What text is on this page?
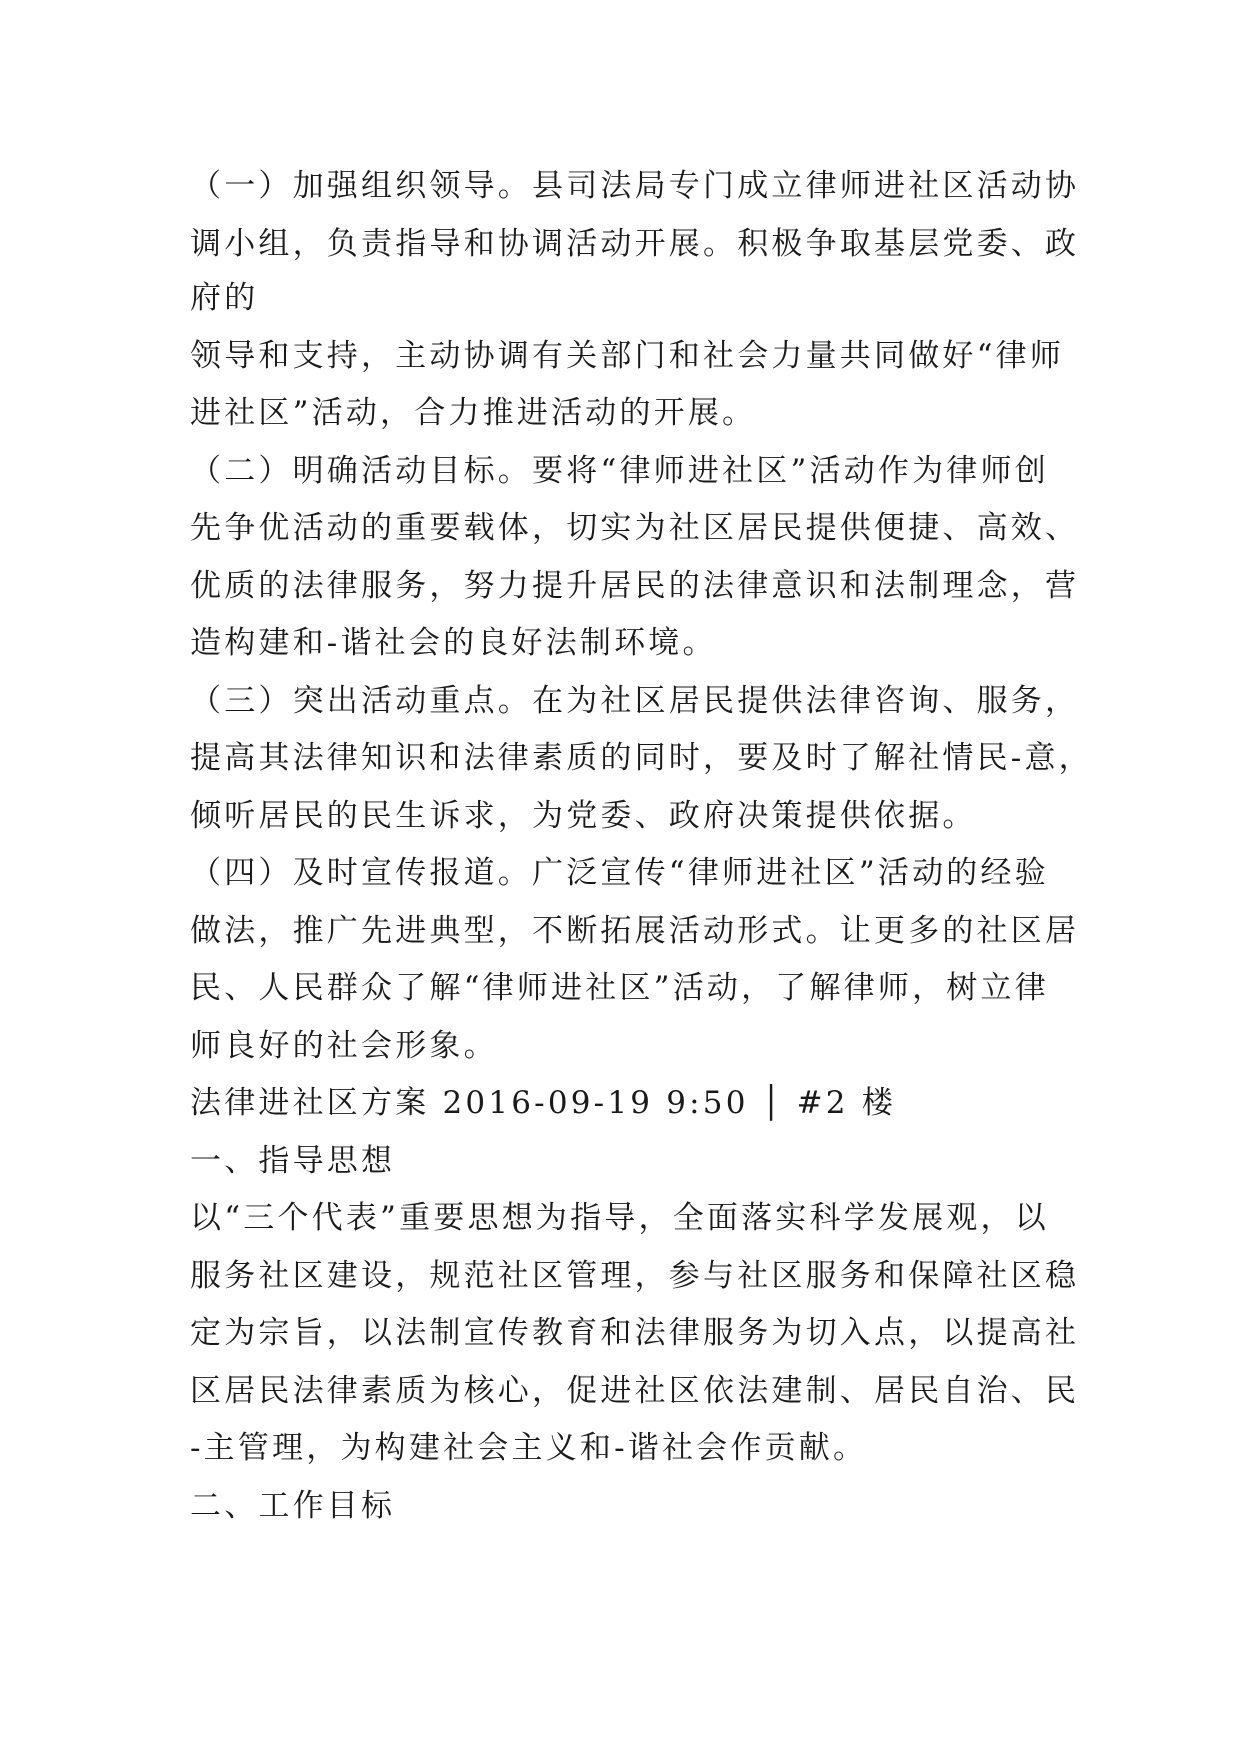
（一）加强组织领导。县司法局专门成立律师进社区活动协
调小组，负责指导和协调活动开展。积极争取基层党委、政
府的
领导和支持，主动协调有关部门和社会力量共同做好“律师
进社区”活动，合力推进活动的开展。
（二）明确活动目标。要将“律师进社区”活动作为律师创
先争优活动的重要载体，切实为社区居民提供便捷、高效、
优质的法律服务，努力提升居民的法律意识和法制理念，营
造构建和-谐社会的良好法制环境。
（三）突出活动重点。在为社区居民提供法律咨询、服务，
提高其法律知识和法律素质的同时，要及时了解社情民-意，
倾听居民的民生诉求，为党委、政府决策提供依据。
（四）及时宣传报道。广泛宣传“律师进社区”活动的经验
做法，推广先进典型，不断拓展活动形式。让更多的社区居
民、人民群众了解“律师进社区”活动，了解律师，树立律
师良好的社会形象。
法律进社区方案 2016-09-19 9:50 │ #2 楼
一、指导思想
以“三个代表”重要思想为指导，全面落实科学发展观，以
服务社区建设，规范社区管理，参与社区服务和保障社区稳
定为宗旨，以法制宣传教育和法律服务为切入点，以提高社
区居民法律素质为核心，促进社区依法建制、居民自治、民
-主管理，为构建社会主义和-谐社会作贡献。
二、工作目标
